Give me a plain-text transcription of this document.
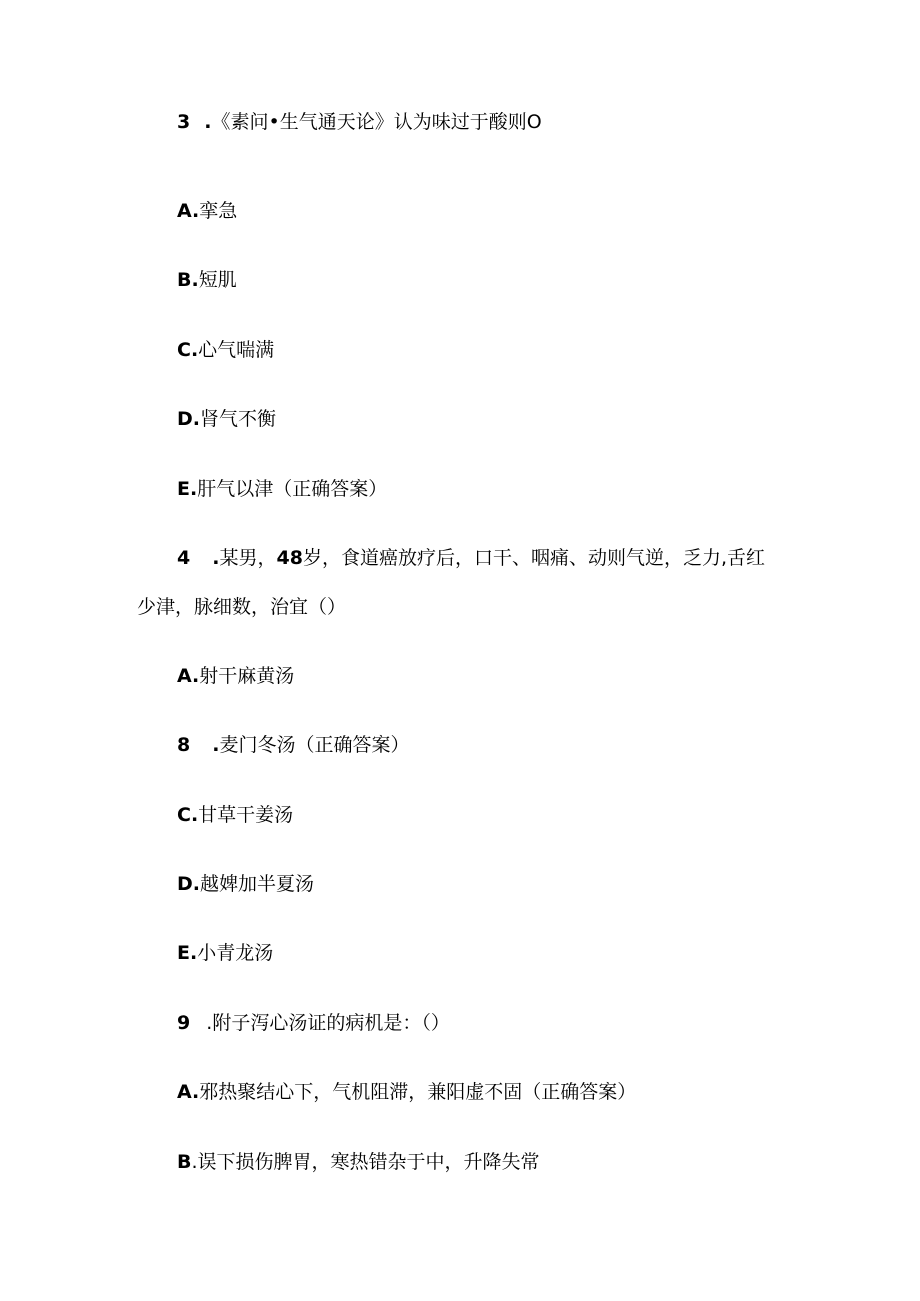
3 .《素问•生气通天论》认为味过于酸则O
A.挛急
B.短肌
C.心气喘满
D.肾气不衡
E.肝气以津（正确答案）
4 .某男，48岁，食道癌放疗后，口干、咽痛、动则气逆，乏力,舌红
少津，脉细数，治宜（）
A.射干麻黄汤
8 .麦门冬汤（正确答案）
C.甘草干姜汤
D.越婢加半夏汤
E.小青龙汤
9 .附子泻心汤证的病机是：（）
A.邪热聚结心下，气机阻滞，兼阳虚不固（正确答案）
B.误下损伤脾胃，寒热错杂于中，升降失常
